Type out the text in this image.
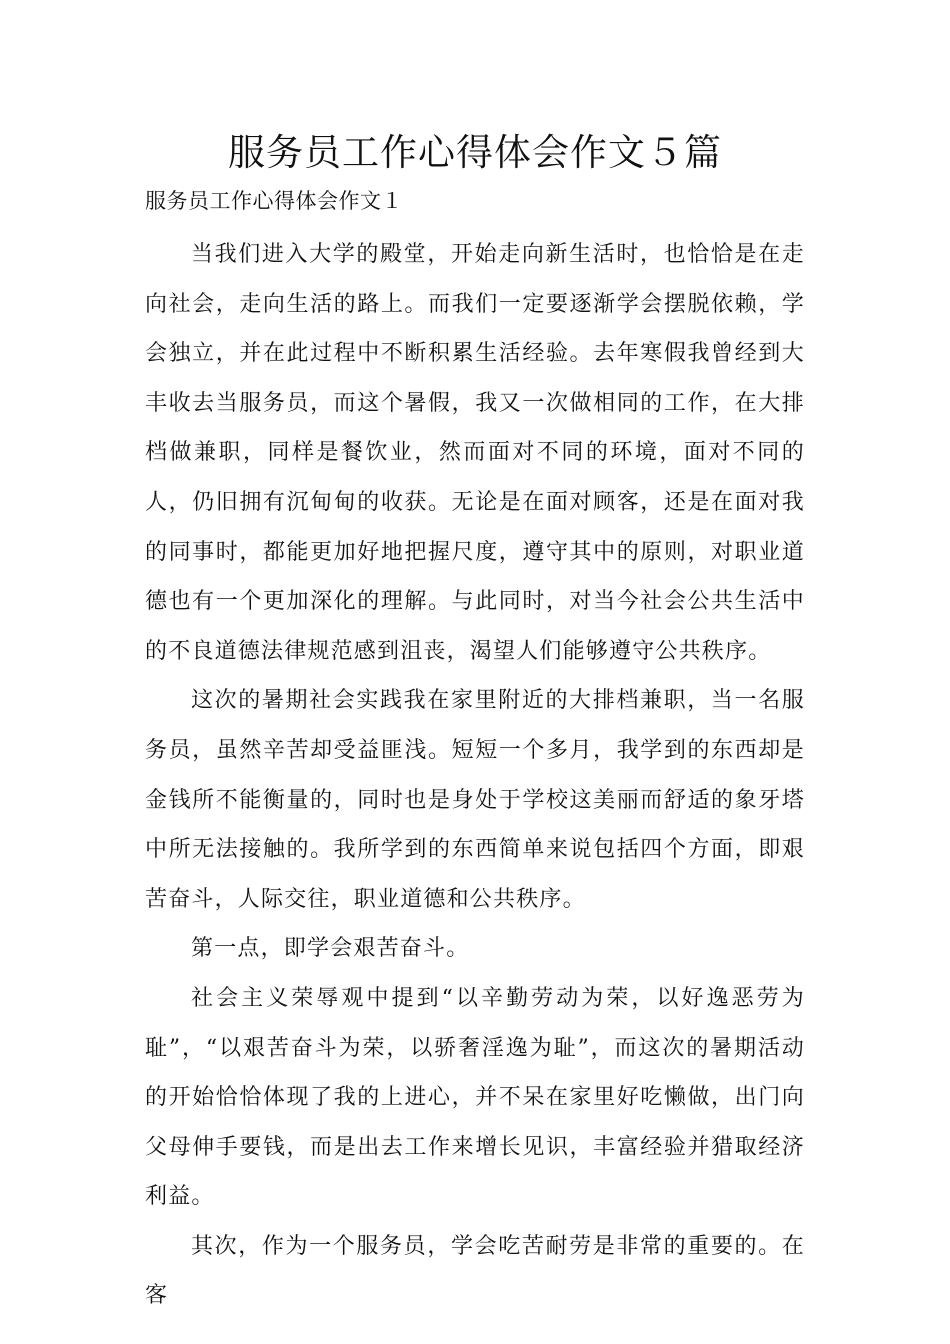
服务员工作心得体会作文５篇

服务员工作心得体会作文１

当我们进入大学的殿堂，开始走向新生活时，也恰恰是在走向社会，走向生活的路上。而我们一定要逐渐学会摆脱依赖，学会独立，并在此过程中不断积累生活经验。去年寒假我曾经到大丰收去当服务员，而这个暑假，我又一次做相同的工作，在大排档做兼职，同样是餐饮业，然而面对不同的环境，面对不同的人，仍旧拥有沉甸甸的收获。无论是在面对顾客，还是在面对我的同事时，都能更加好地把握尺度，遵守其中的原则，对职业道德也有一个更加深化的理解。与此同时，对当今社会公共生活中的不良道德法律规范感到沮丧，渴望人们能够遵守公共秩序。

这次的暑期社会实践我在家里附近的大排档兼职，当一名服务员，虽然辛苦却受益匪浅。短短一个多月，我学到的东西却是金钱所不能衡量的，同时也是身处于学校这美丽而舒适的象牙塔中所无法接触的。我所学到的东西简单来说包括四个方面，即艰苦奋斗，人际交往，职业道德和公共秩序。

第一点，即学会艰苦奋斗。

社会主义荣辱观中提到“以辛勤劳动为荣，以好逸恶劳为耻”，“以艰苦奋斗为荣，以骄奢淫逸为耻”，而这次的暑期活动的开始恰恰体现了我的上进心，并不呆在家里好吃懒做，出门向父母伸手要钱，而是出去工作来增长见识，丰富经验并猎取经济利益。

其次，作为一个服务员，学会吃苦耐劳是非常的重要的。在客
